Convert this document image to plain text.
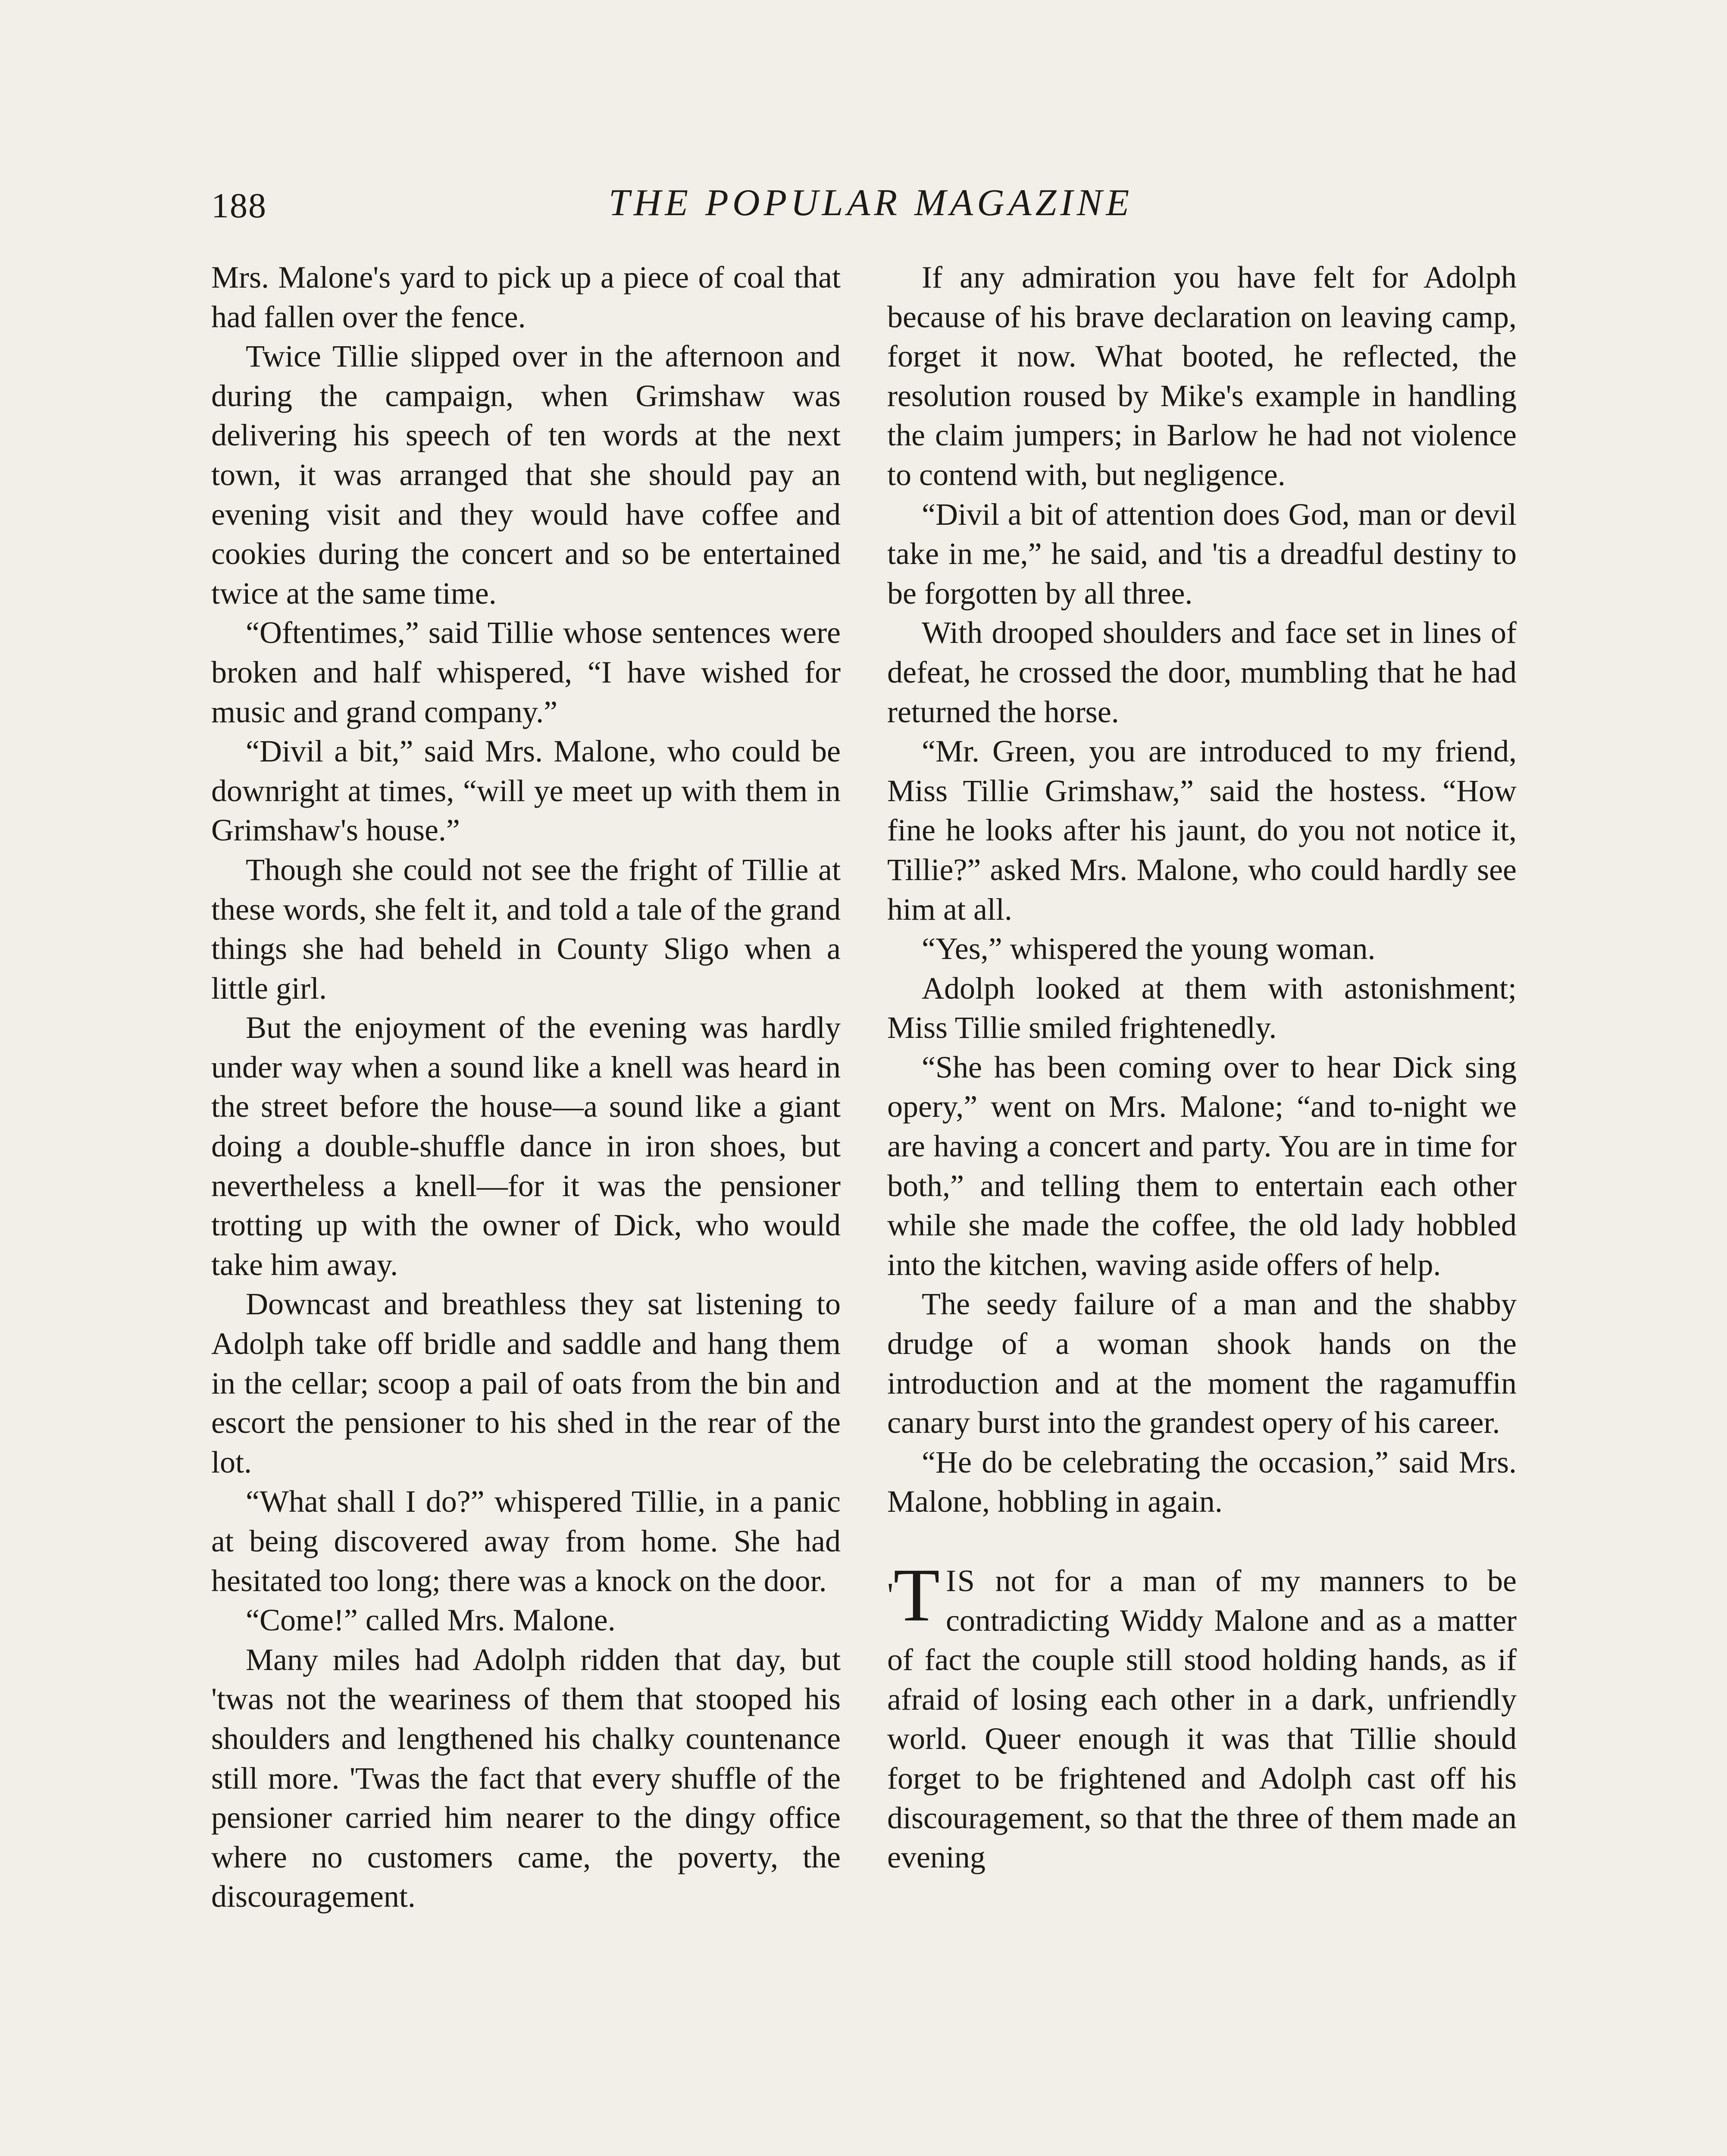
188	THE POPULAR MAGAZINE

Mrs. Malone's yard to pick up a piece of coal that had fallen over the fence.

Twice Tillie slipped over in the afternoon and during the campaign, when Grimshaw was delivering his speech of ten words at the next town, it was arranged that she should pay an evening visit and they would have coffee and cookies during the concert and so be entertained twice at the same time.

“Oftentimes,” said Tillie whose sentences were broken and half whispered, “I have wished for music and grand company.”

“Divil a bit,” said Mrs. Malone, who could be downright at times, “will ye meet up with them in Grimshaw's house.”

Though she could not see the fright of Tillie at these words, she felt it, and told a tale of the grand things she had beheld in County Sligo when a little girl.

But the enjoyment of the evening was hardly under way when a sound like a knell was heard in the street before the house—a sound like a giant doing a double-shuffle dance in iron shoes, but nevertheless a knell—for it was the pensioner trotting up with the owner of Dick, who would take him away.

Downcast and breathless they sat listening to Adolph take off bridle and saddle and hang them in the cellar; scoop a pail of oats from the bin and escort the pensioner to his shed in the rear of the lot.

“What shall I do?” whispered Tillie, in a panic at being discovered away from home. She had hesitated too long; there was a knock on the door.

“Come!” called Mrs. Malone.

Many miles had Adolph ridden that day, but 'twas not the weariness of them that stooped his shoulders and lengthened his chalky countenance still more. 'Twas the fact that every shuffle of the pensioner carried him nearer to the dingy office where no customers came, the poverty, the discouragement.

If any admiration you have felt for Adolph because of his brave declaration on leaving camp, forget it now. What booted, he reflected, the resolution roused by Mike's example in handling the claim jumpers; in Barlow he had not violence to contend with, but negligence.

“Divil a bit of attention does God, man or devil take in me,” he said, and 'tis a dreadful destiny to be forgotten by all three.

With drooped shoulders and face set in lines of defeat, he crossed the door, mumbling that he had returned the horse.

“Mr. Green, you are introduced to my friend, Miss Tillie Grimshaw,” said the hostess. “How fine he looks after his jaunt, do you not notice it, Tillie?” asked Mrs. Malone, who could hardly see him at all.

“Yes,” whispered the young woman.

Adolph looked at them with astonishment; Miss Tillie smiled frightenedly.

“She has been coming over to hear Dick sing opery,” went on Mrs. Malone; “and to-night we are having a concert and party. You are in time for both,” and telling them to entertain each other while she made the coffee, the old lady hobbled into the kitchen, waving aside offers of help.

The seedy failure of a man and the shabby drudge of a woman shook hands on the introduction and at the moment the ragamuffin canary burst into the grandest opery of his career.

“He do be celebrating the occasion,” said Mrs. Malone, hobbling in again.

'T IS not for a man of my manners to be contradicting Widdy Malone and as a matter of fact the couple still stood holding hands, as if afraid of losing each other in a dark, unfriendly world. Queer enough it was that Tillie should forget to be frightened and Adolph cast off his discouragement, so that the three of them made an evening
